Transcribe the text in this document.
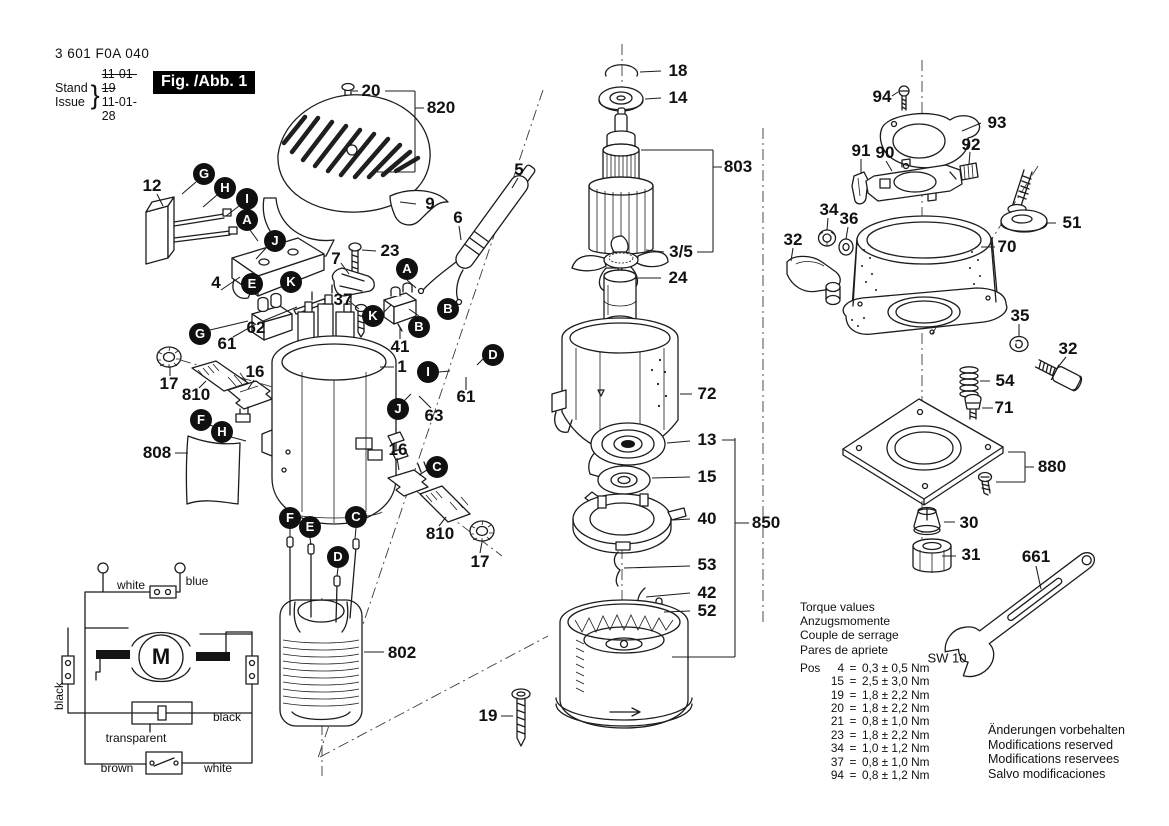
3 601 F0A 040
Stand
Issue }
11-01-19
11-01-28
Fig. /Abb. 1	20
820
12
9
5
6
23
7
4
37
62
61	41
1
17
810
16
63
61
808	16
810
17
802
18
14
803
3/5
24
72
13
15
40 850
53
42
52
19
94
93
91 90	92
34 36
32
51
70
35
32
54
71
880
30
31 661
G
H
I
A
J
E	K
G
A
K	B
B
D
I
J
F
H
C
F
E
C
D
white	blue
black
black
transparent
brown	white
SW 10
M
Torque values
Anzugsmomente
Couple de serrage
Pares de apriete
Pos	4 = 0,3 ± 0,5 Nm
15 = 2,5 ± 3,0 Nm
19 = 1,8 ± 2,2 Nm
20 = 1,8 ± 2,2 Nm
21 = 0,8 ± 1,0 Nm
23 = 1,8 ± 2,2 Nm
34 = 1,0 ± 1,2 Nm
37 = 0,8 ± 1,0 Nm
94 = 0,8 ± 1,2 Nm
Änderungen vorbehalten
Modifications reserved
Modifications reservees
Salvo modificaciones
